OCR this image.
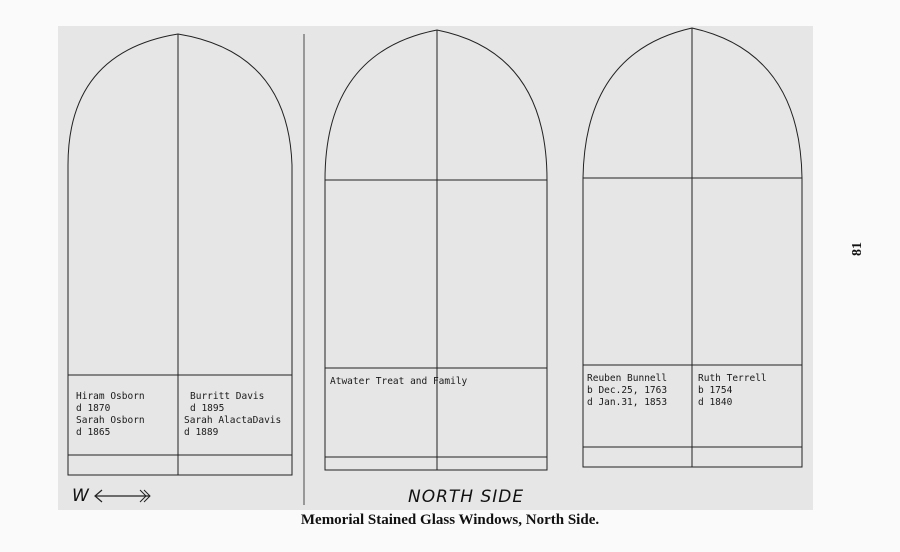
Hiram Osborn
d 1870
Sarah Osborn
d 1865
Burritt Davis
d 1895
Sarah AlactaDavis
d 1889
Atwater Treat and Family	Reuben Bunnell
b Dec.25, 1763
d Jan.31, 1853
Ruth Terrell
b 1754
d 1840
W	NORTH SIDE
Memorial Stained Glass Windows, North Side.
81
